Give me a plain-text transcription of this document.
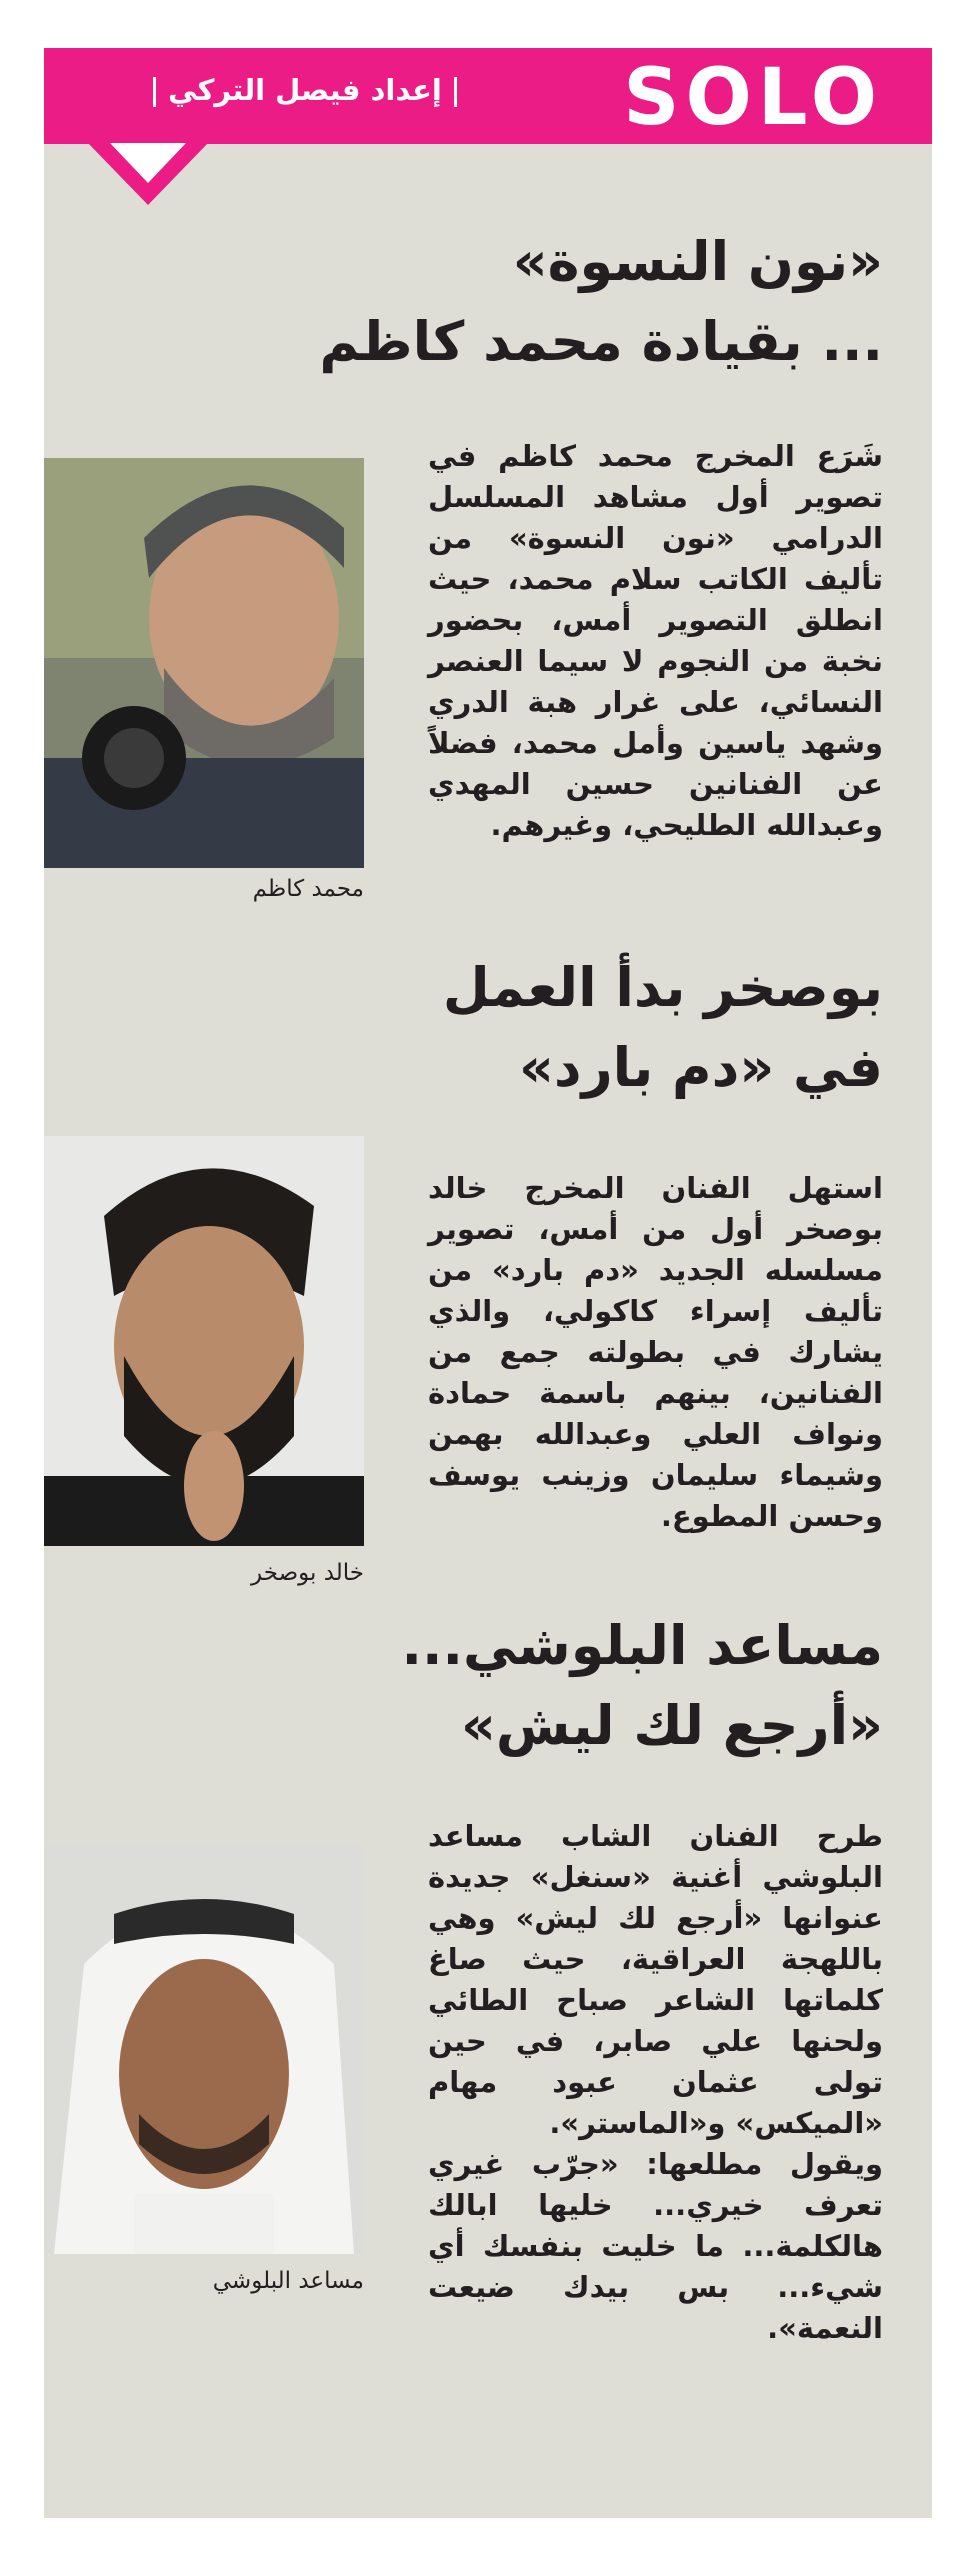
SOLO
إعداد فيصل التركي
«نون النسوة»
... بقيادة محمد كاظم
شَرَع المخرج محمد كاظم في تصوير أول مشاهد المسلسل الدرامي «نون النسوة» من تأليف الكاتب سلام محمد، حيث انطلق التصوير أمس، بحضور نخبة من النجوم لا سيما العنصر النسائي، على غرار هبة الدري وشهد ياسين وأمل محمد، فضلاً عن الفنانين حسين المهدي وعبدالله الطليحي، وغيرهم.
محمد كاظم
بوصخر بدأ العمل
في «دم بارد»
استهل الفنان المخرج خالد بوصخر أول من أمس، تصوير مسلسله الجديد «دم بارد» من تأليف إسراء كاكولي، والذي يشارك في بطولته جمع من الفنانين، بينهم باسمة حمادة ونواف العلي وعبدالله بهمن وشيماء سليمان وزينب يوسف وحسن المطوع.
خالد بوصخر
مساعد البلوشي...
«أرجع لك ليش»
طرح الفنان الشاب مساعد البلوشي أغنية «سنغل» جديدة عنوانها «أرجع لك ليش» وهي باللهجة العراقية، حيث صاغ كلماتها الشاعر صباح الطائي ولحنها علي صابر، في حين تولى عثمان عبود مهام «الميكس» و«الماستر».
ويقول مطلعها: «جرّب غيري تعرف خيري... خليها ابالك هالكلمة... ما خليت بنفسك أي شيء... بس بيدك ضيعت النعمة».
مساعد البلوشي
